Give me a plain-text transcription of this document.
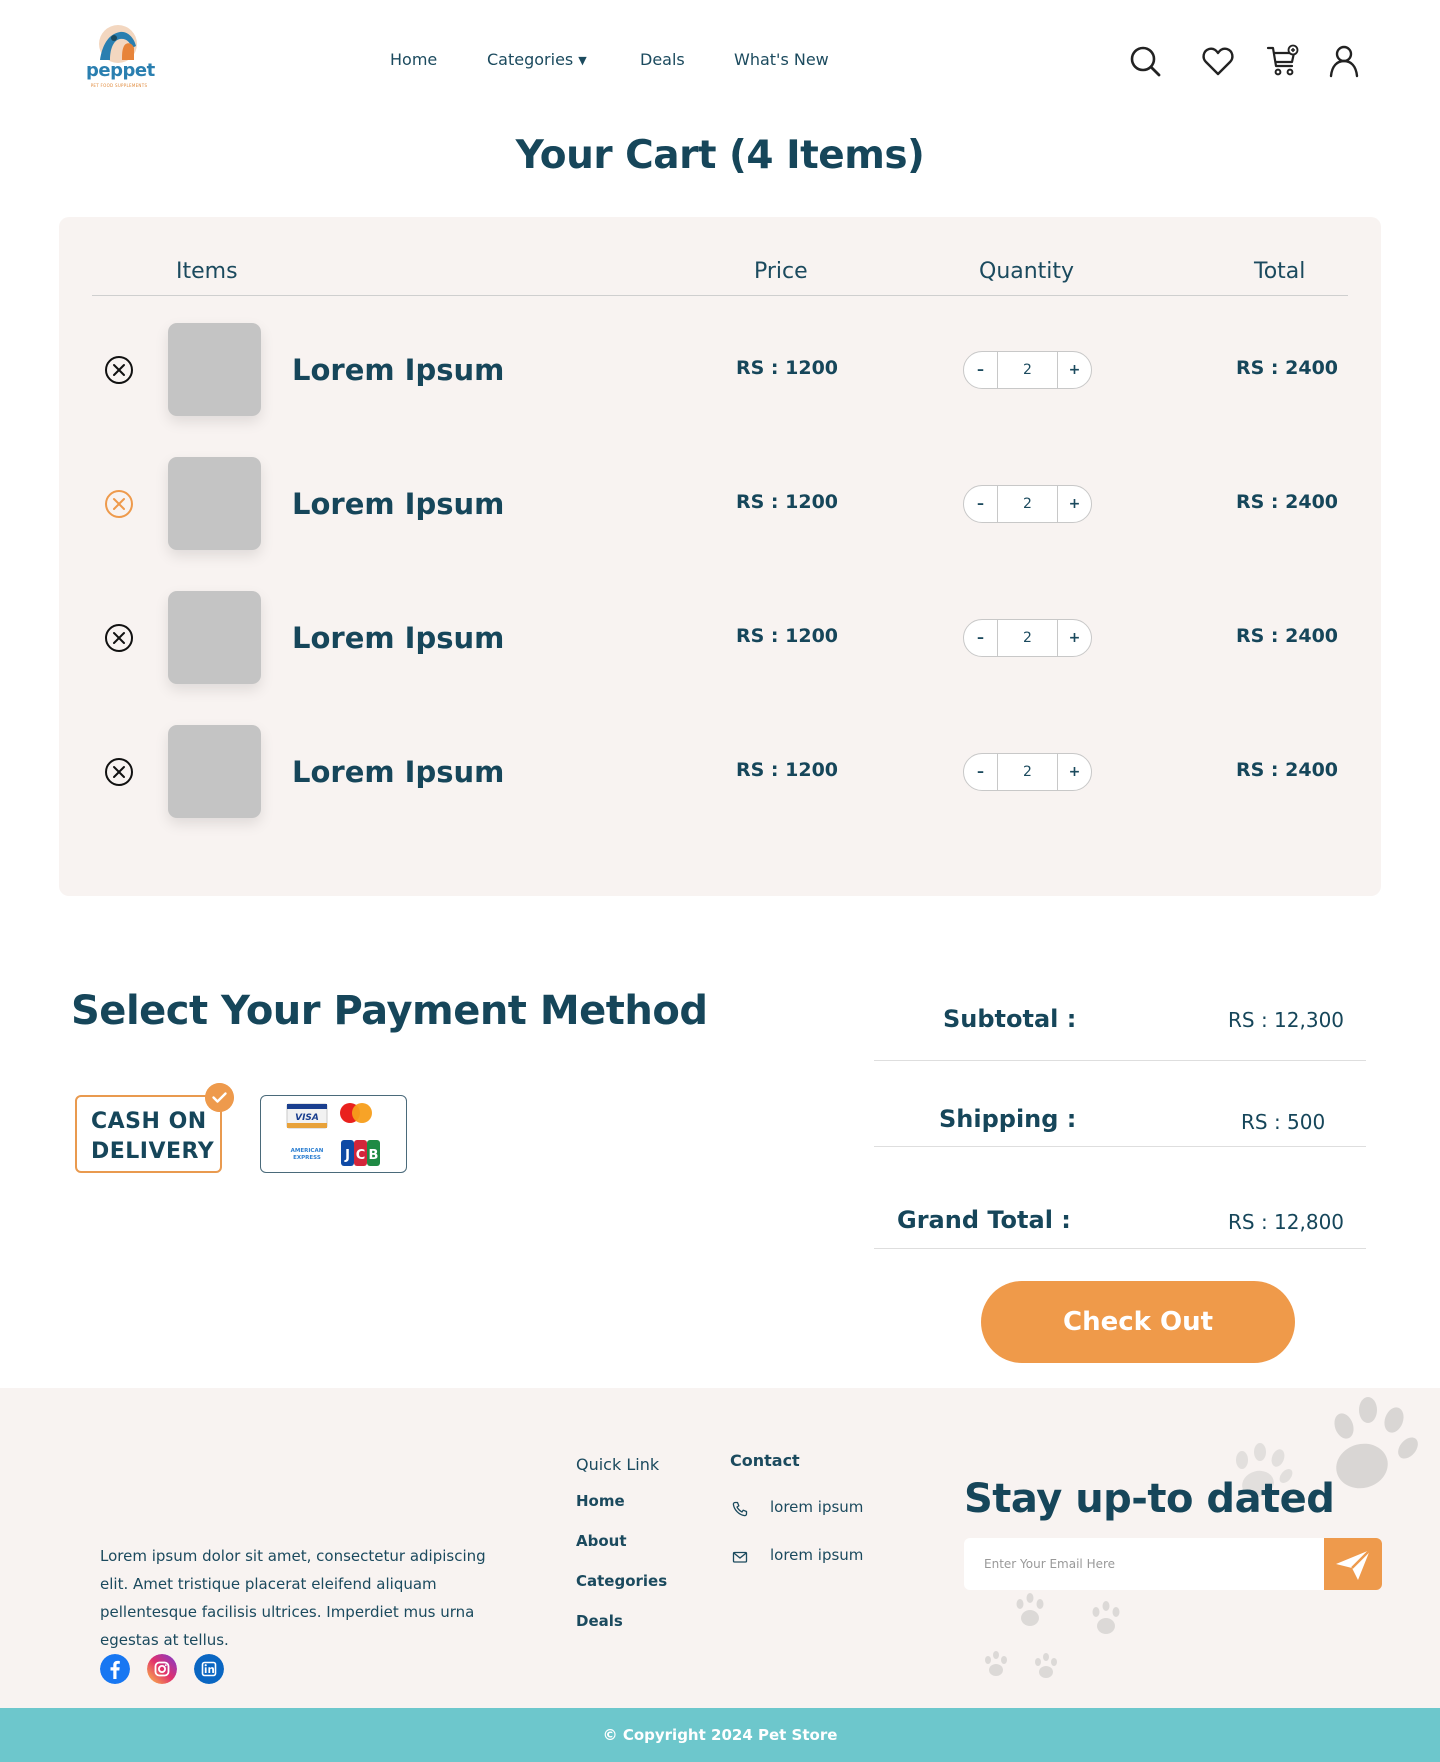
peppet
PET FOOD SUPPLEMENTS
Home	Categories ▼	Deals	What's New
Your Cart (4 Items)
Items	Price	Quantity	Total
Lorem Ipsum	RS : 1200	–	2	+	RS : 2400
Lorem Ipsum	RS : 1200	–	2	+	RS : 2400
Lorem Ipsum	RS : 1200	–	2	+	RS : 2400
Lorem Ipsum	RS : 1200	–	2	+	RS : 2400
Select Your Payment Method
CASH ON
DELIVERY
VISA
AMERICAN
EXPRESS J C B
Subtotal :	RS : 12,300
Shipping :	RS : 500
Grand Total :	RS : 12,800
Check Out

Lorem ipsum dolor sit amet, consectetur adipiscing elit. Amet tristique placerat eleifend aliquam pellentesque facilisis ultrices. Imperdiet mus urna egestas at tellus.

Quick Link
Home
About
Categories
Deals
Contact
lorem ipsum
lorem ipsum
Stay up-to dated
Enter Your Email Here
© Copyright 2024 Pet Store
